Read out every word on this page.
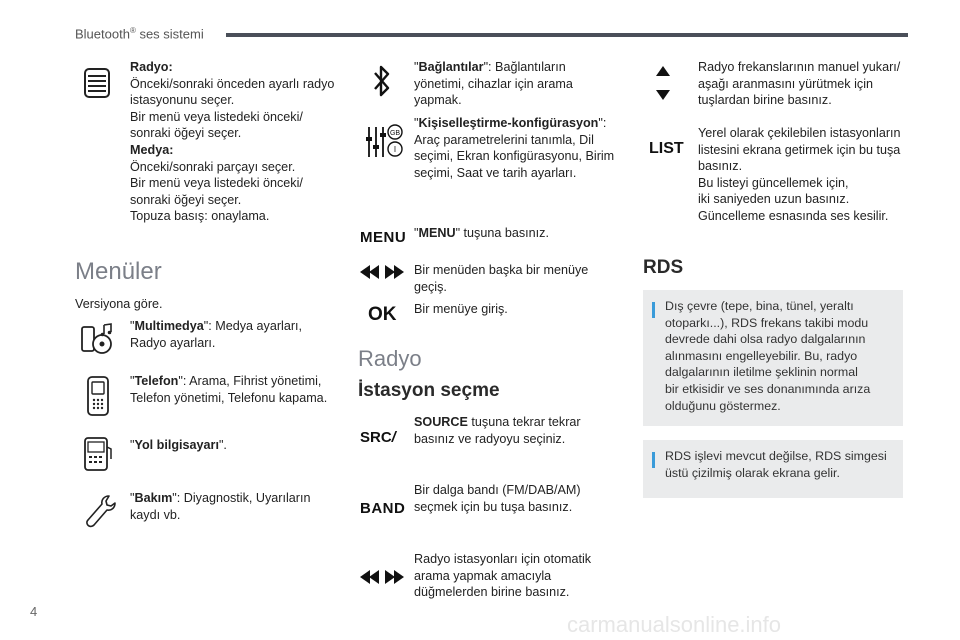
Bluetooth® ses sistemi
Radyo:
Önceki/sonraki önceden ayarlı radyo
istasyonunu seçer.
Bir menü veya listedeki önceki/
sonraki öğeyi seçer.
Medya:
Önceki/sonraki parçayı seçer.
Bir menü veya listedeki önceki/
sonraki öğeyi seçer.
Topuza basış: onaylama.
Menüler
Versiyona göre.
"Multimedya": Medya ayarları,
Radyo ayarları.
"Telefon": Arama, Fihrist yönetimi,
Telefon yönetimi, Telefonu kapama.
"Yol bilgisayarı".
"Bakım": Diyagnostik, Uyarıların
kaydı vb.
"Bağlantılar": Bağlantıların
yönetimi, cihazlar için arama
yapmak.
GB
I
"Kişiselleştirme-konfigürasyon":
Araç parametrelerini tanımla, Dil
seçimi, Ekran konfigürasyonu, Birim
seçimi, Saat ve tarih ayarları.
MENU "MENU" tuşuna basınız.
Bir menüden başka bir menüye
geçiş.
OK Bir menüye giriş.
Radyo
İstasyon seçme
SRC/
SOURCE tuşuna tekrar tekrar
basınız ve radyoyu seçiniz.
BAND
Bir dalga bandı (FM/DAB/AM)
seçmek için bu tuşa basınız.
Radyo istasyonları için otomatik
arama yapmak amacıyla
düğmelerden birine basınız.
Radyo frekanslarının manuel yukarı/
aşağı aranmasını yürütmek için
tuşlardan birine basınız.
LIST
Yerel olarak çekilebilen istasyonların
listesini ekrana getirmek için bu tuşa
basınız.
Bu listeyi güncellemek için,
iki saniyeden uzun basınız.
Güncelleme esnasında ses kesilir.
RDS
Dış çevre (tepe, bina, tünel, yeraltı
otoparkı...), RDS frekans takibi modu
devrede dahi olsa radyo dalgalarının
alınmasını engelleyebilir. Bu, radyo
dalgalarının iletilme şeklinin normal
bir etkisidir ve ses donanımında arıza
olduğunu göstermez.
RDS işlevi mevcut değilse, RDS simgesi
üstü çizilmiş olarak ekrana gelir.
4
carmanualsonline.info
